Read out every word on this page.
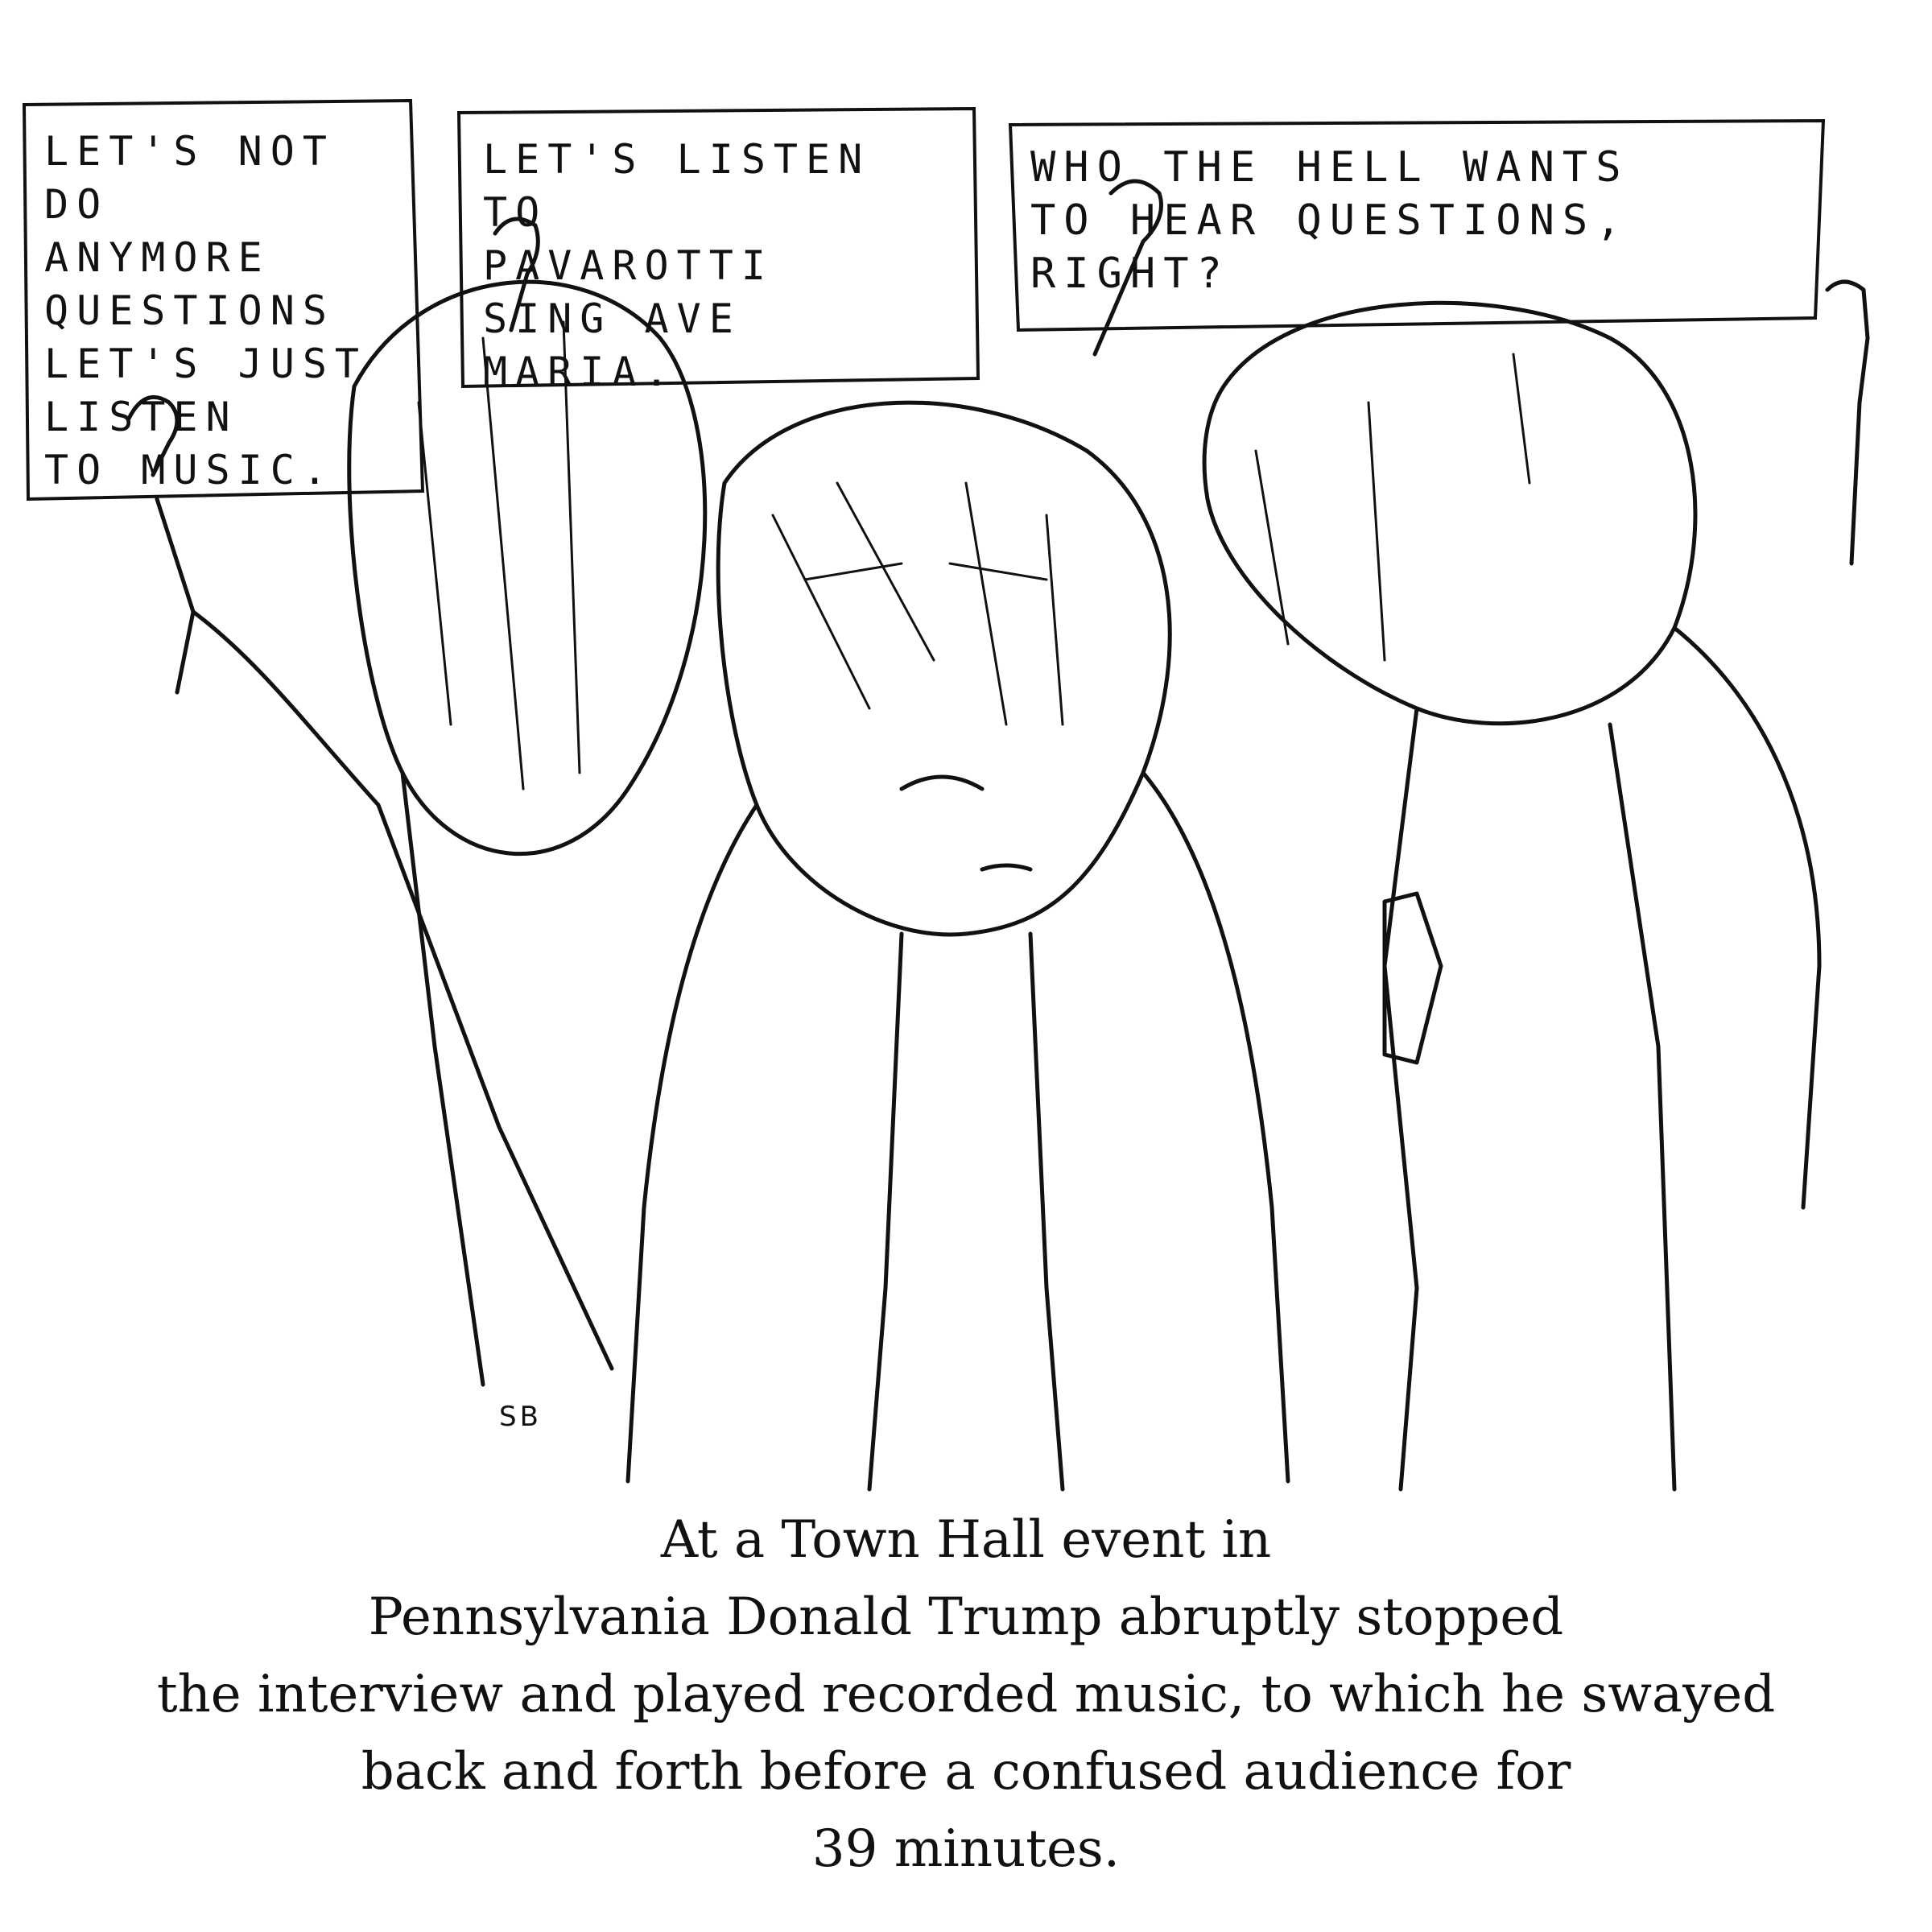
LET'S NOT DO
ANYMORE
QUESTIONS
LET'S JUST
LISTEN
TO MUSIC.
LET'S LISTEN TO
PAVAROTTI
SING AVE
MARIA.
WHO THE HELL WANTS
TO HEAR QUESTIONS,
RIGHT?
SB
At a Town Hall event in
Pennsylvania Donald Trump abruptly stopped
the interview and played recorded music, to which he swayed
back and forth before a confused audience for
39 minutes.
